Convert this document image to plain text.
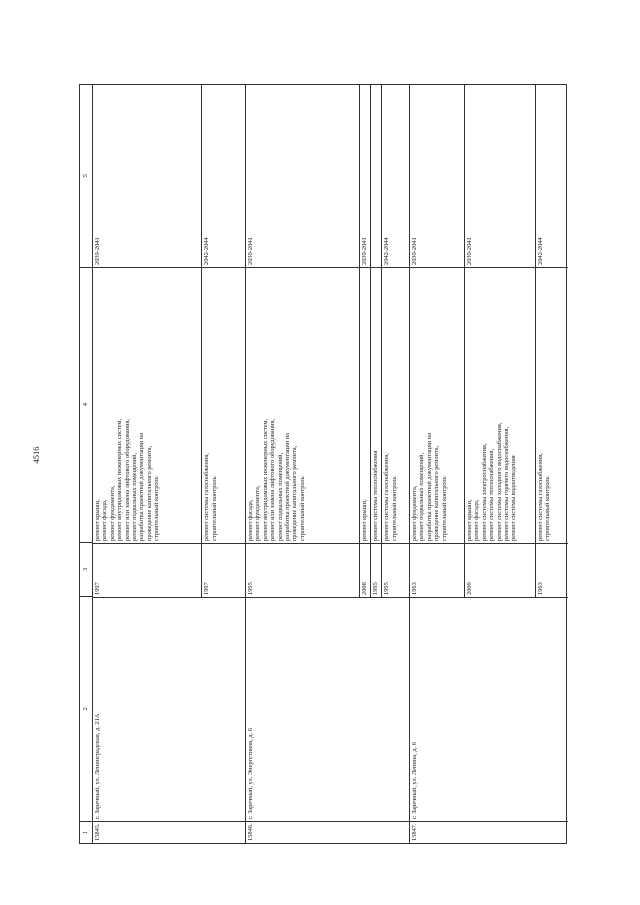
4516
1
2
3
4
5
15845.
г. Заречный, ул. Ленинградская, д. 21А
1997
ремонт крыши, ремонт фасада, ремонт фундамента, ремонт внутридомовых инженерных систем, ремонт или замена лифтового оборудования, ремонт подвальных помещений, разработка проектной документации на проведение капитального ремонта, строительный контроль
2039-2041
1997
ремонт системы газоснабжения, строительный контроль
2042-2044
15846.
г. Заречный, ул. Энергетиков, д. 6
1995
ремонт фасада, ремонт фундамента, ремонт внутридомовых инженерных систем, ремонт или замена лифтового оборудования, ремонт подвальных помещений, разработка проектной документации на проведение капитального ремонта, строительный контроль
2039-2041
2008
ремонт крыши,
2039-2041
1995
ремонт системы теплоснабжения
1995
ремонт системы газоснабжения, строительный контроль
2042-2044
15847.
г. Заречный, ул. Ленина, д. 6
1963
ремонт фундамента, ремонт подвальных помещений, разработка проектной документации на проведение капитального ремонта, строительный контроль
2039-2041
2009
ремонт крыши, ремонт фасада, ремонт системы электроснабжения, ремонт системы теплоснабжения, ремонт системы холодного водоснабжения, ремонт системы горячего водоснабжения, ремонт системы водоотведения
2039-2041
1963
ремонт системы газоснабжения, строительный контроль
2042-2044
